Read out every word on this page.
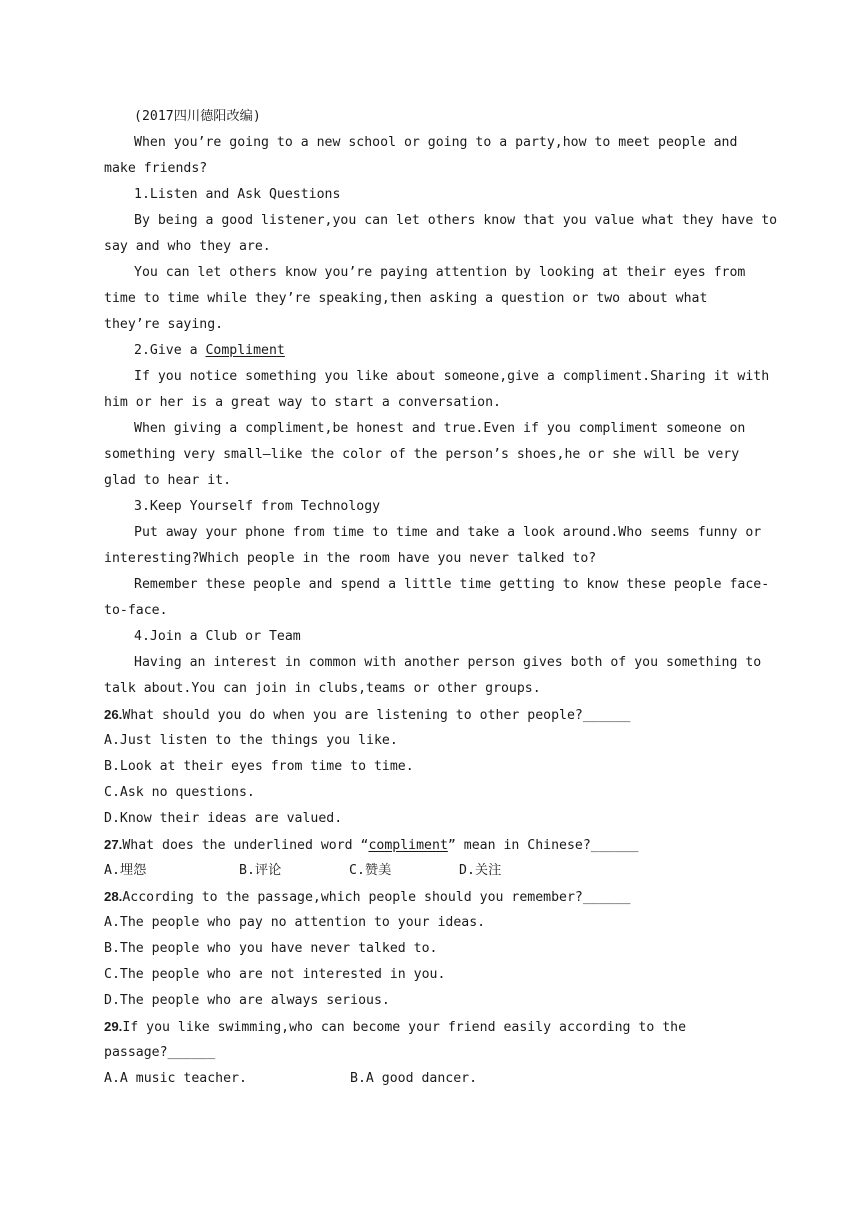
(2017四川德阳改编)
When you’re going to a new school or going to a party,how to meet people and
make friends?
1.Listen and Ask Questions
By being a good listener,you can let others know that you value what they have to
say and who they are.
You can let others know you’re paying attention by looking at their eyes from
time to time while they’re speaking,then asking a question or two about what
they’re saying.
2.Give a Compliment
If you notice something you like about someone,give a compliment.Sharing it with
him or her is a great way to start a conversation.
When giving a compliment,be honest and true.Even if you compliment someone on
something very small—like the color of the person’s shoes,he or she will be very
glad to hear it.
3.Keep Yourself from Technology
Put away your phone from time to time and take a look around.Who seems funny or
interesting?Which people in the room have you never talked to?
Remember these people and spend a little time getting to know these people face-
to-face.
4.Join a Club or Team
Having an interest in common with another person gives both of you something to
talk about.You can join in clubs,teams or other groups.
26.What should you do when you are listening to other people?______
A.Just listen to the things you like.
B.Look at their eyes from time to time.
C.Ask no questions.
D.Know their ideas are valued.
27.What does the underlined word “compliment” mean in Chinese?______
A.埋怨	B.评论	C.赞美	D.关注
28.According to the passage,which people should you remember?______
A.The people who pay no attention to your ideas.
B.The people who you have never talked to.
C.The people who are not interested in you.
D.The people who are always serious.
29.If you like swimming,who can become your friend easily according to the
passage?______
A.A music teacher.	B.A good dancer.
